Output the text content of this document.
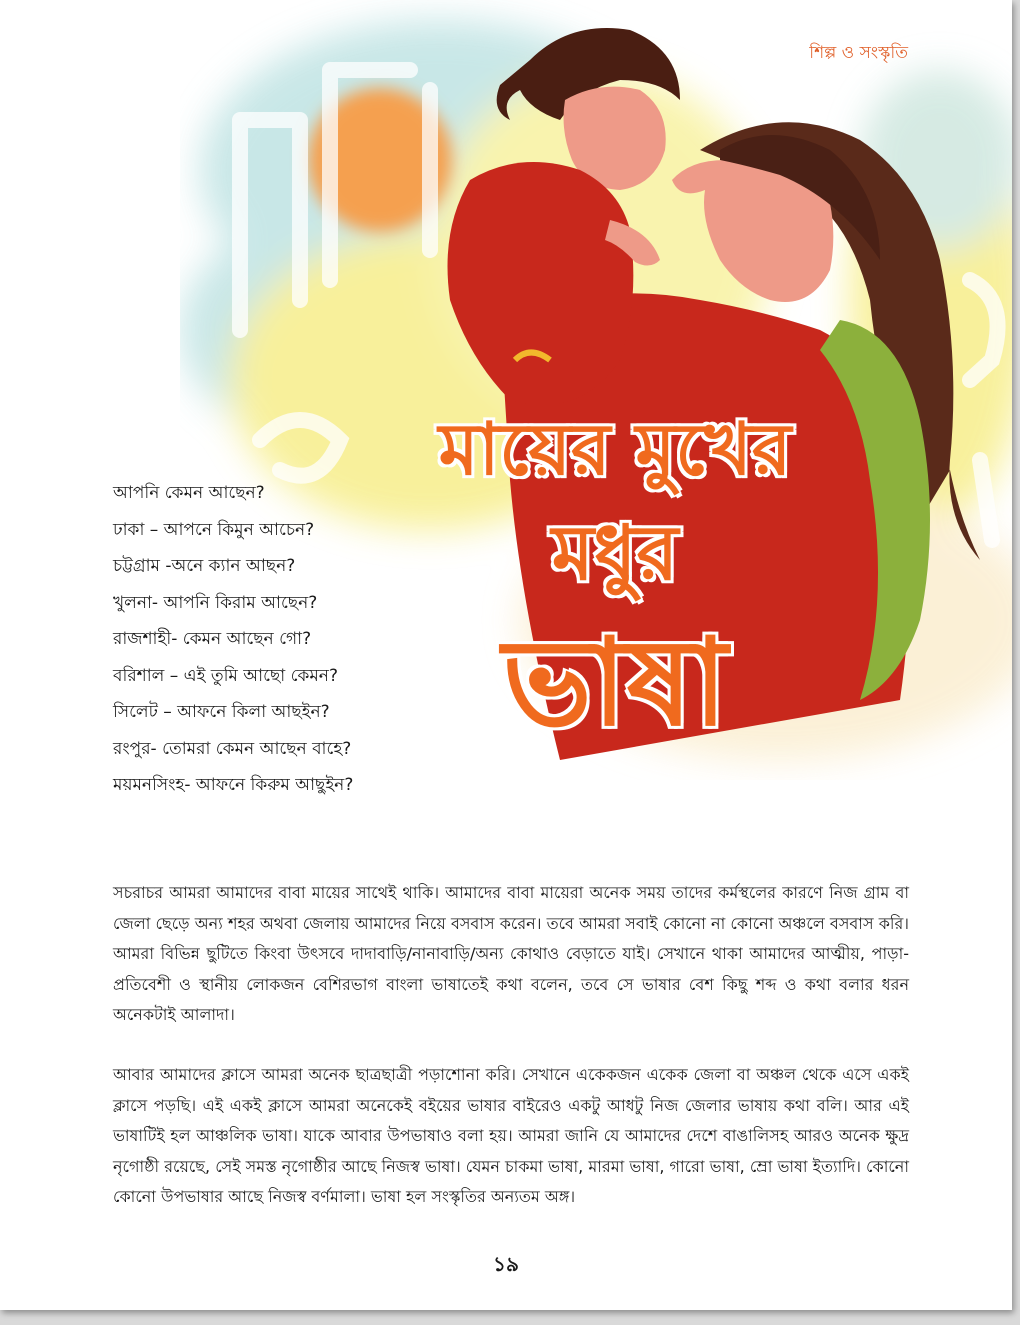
শিল্প ও সংস্কৃতি
মায়ের মুখের
মধুর
ভাষা
আপনি কেমন আছেন?
ঢাকা – আপনে কিমুন আচেন?
চট্টগ্রাম -অনে ক্যান আছন?
খুলনা- আপনি কিরাম আছেন?
রাজশাহী- কেমন আছেন গো?
বরিশাল – এই তুমি আছো কেমন?
সিলেট – আফনে কিলা আছইন?
রংপুর- তোমরা কেমন আছেন বাহে?
ময়মনসিংহ- আফনে কিরুম আছুইন?

সচরাচর আমরা আমাদের বাবা মায়ের সাথেই থাকি। আমাদের বাবা মায়েরা অনেক সময় তাদের কর্মস্থলের কারণে নিজ গ্রাম বা জেলা ছেড়ে অন্য শহর অথবা জেলায় আমাদের নিয়ে বসবাস করেন। তবে আমরা সবাই কোনো না কোনো অঞ্চলে বসবাস করি। আমরা বিভিন্ন ছুটিতে কিংবা উৎসবে দাদাবাড়ি/নানাবাড়ি/অন্য কোথাও বেড়াতে যাই। সেখানে থাকা আমাদের আত্মীয়, পাড়া-প্রতিবেশী ও স্থানীয় লোকজন বেশিরভাগ বাংলা ভাষাতেই কথা বলেন, তবে সে ভাষার বেশ কিছু শব্দ ও কথা বলার ধরন অনেকটাই আলাদা।

আবার আমাদের ক্লাসে আমরা অনেক ছাত্রছাত্রী পড়াশোনা করি। সেখানে একেকজন একেক জেলা বা অঞ্চল থেকে এসে একই ক্লাসে পড়ছি। এই একই ক্লাসে আমরা অনেকেই বইয়ের ভাষার বাইরেও একটু আধটু নিজ জেলার ভাষায় কথা বলি। আর এই ভাষাটিই হল আঞ্চলিক ভাষা। যাকে আবার উপভাষাও বলা হয়। আমরা জানি যে আমাদের দেশে বাঙালিসহ আরও অনেক ক্ষুদ্র নৃগোষ্ঠী রয়েছে, সেই সমস্ত নৃগোষ্ঠীর আছে নিজস্ব ভাষা। যেমন চাকমা ভাষা, মারমা ভাষা, গারো ভাষা, ম্রো ভাষা ইত্যাদি। কোনো কোনো উপভাষার আছে নিজস্ব বর্ণমালা। ভাষা হল সংস্কৃতির অন্যতম অঙ্গ।

১৯
